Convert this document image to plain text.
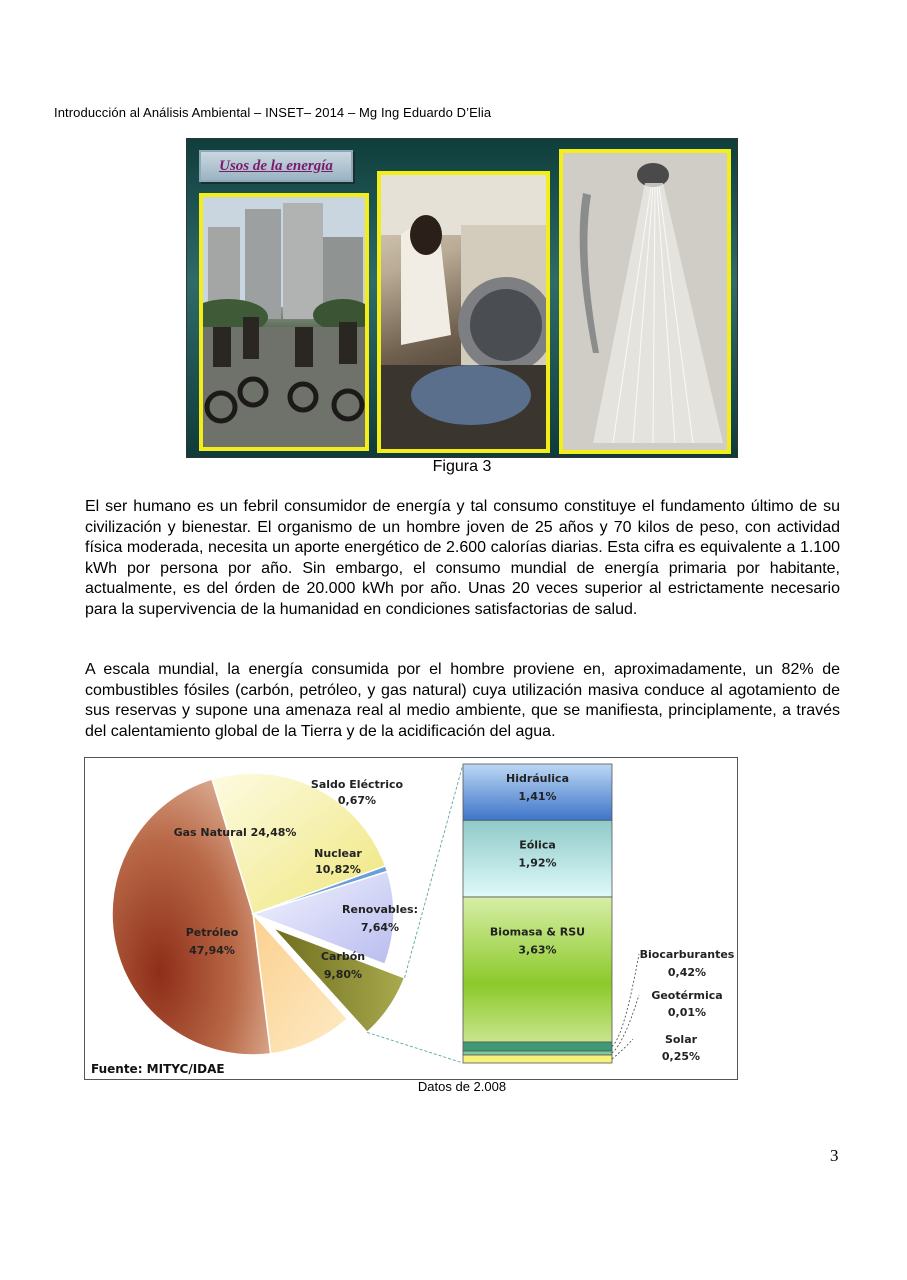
Introducción al Análisis Ambiental – INSET– 2014 – Mg Ing Eduardo D’Elia
Usos de la energía
Figura 3

El ser humano es un febril consumidor de energía y tal consumo constituye el fundamento último de su civilización y bienestar. El organismo de un hombre joven de 25 años y 70 kilos de peso, con actividad física moderada, necesita un aporte energético de 2.600 calorías diarias. Esta cifra es equivalente a 1.100 kWh por persona por año. Sin embargo, el consumo mundial de energía primaria por habitante, actualmente, es del órden de 20.000 kWh por año. Unas 20 veces superior al estrictamente necesario para la supervivencia de la humanidad en condiciones satisfactorias de salud.

A escala mundial, la energía consumida por el hombre proviene en, aproximadamente, un 82% de combustibles fósiles (carbón, petróleo, y gas natural) cuya utilización masiva conduce al agotamiento de sus reservas y supone una amenaza real al medio ambiente, que se manifiesta, principlamente, a través del calentamiento global de la Tierra y de la acidificación del agua.

Petróleo
47,94%
Gas Natural 24,48%
Saldo Eléctrico
0,67%
Nuclear
10,82%
Renovables:
7,64%
Carbón
9,80%
Hidráulica
1,41%
Eólica
1,92%
Biomasa & RSU
3,63%	Biocarburantes
0,42%
Geotérmica
0,01%
Solar
0,25%
Fuente: MITYC/IDAE
Datos de 2.008
3
